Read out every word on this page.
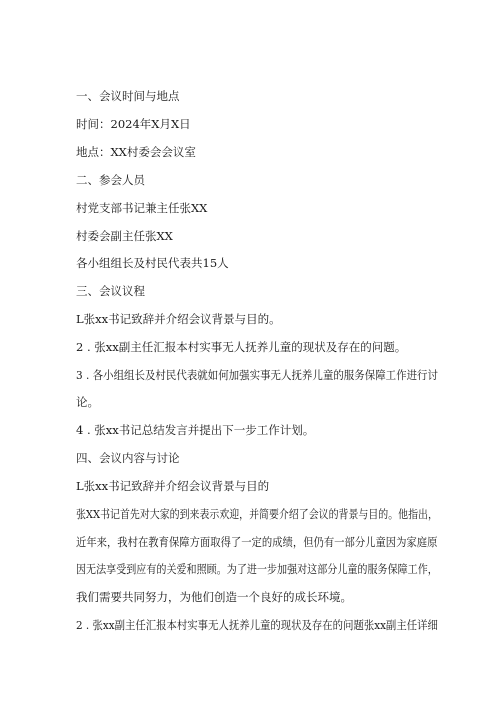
一、会议时间与地点
时间：2024年X月X日
地点：XX村委会会议室
二、参会人员
村党支部书记兼主任张XX
村委会副主任张XX
各小组组长及村民代表共15人
三、会议议程
L张xx书记致辞并介绍会议背景与目的。
2 . 张xx副主任汇报本村实事无人抚养儿童的现状及存在的问题。
3 . 各小组组长及村民代表就如何加强实事无人抚养儿童的服务保障工作进行讨
论。
4 . 张xx书记总结发言并提出下一步工作计划。
四、会议内容与讨论
L张xx书记致辞并介绍会议背景与目的
张XX书记首先对大家的到来表示欢迎，并简要介绍了会议的背景与目的。他指出，
近年来，我村在教育保障方面取得了一定的成绩，但仍有一部分儿童因为家庭原
因无法享受到应有的关爱和照顾。为了进一步加强对这部分儿童的服务保障工作，
我们需要共同努力，为他们创造一个良好的成长环境。
2 . 张xx副主任汇报本村实事无人抚养儿童的现状及存在的问题张xx副主任详细
